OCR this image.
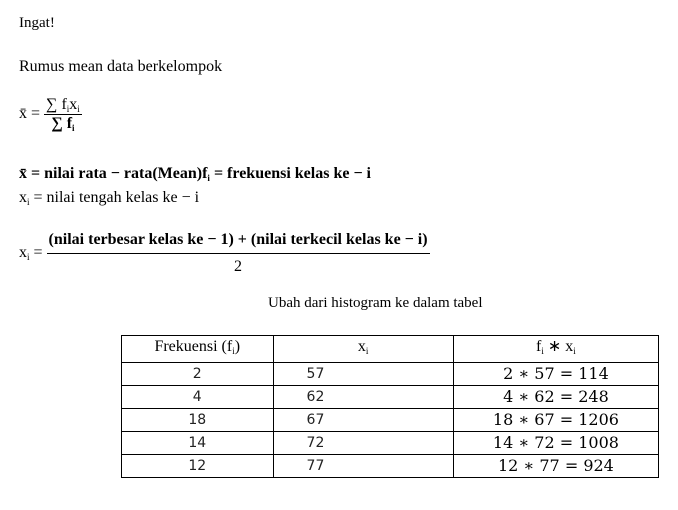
Ingat!
Rumus mean data berkelompok
x̄ = $\frac{\sum f_ix_i}{\sum f_i}$
x̄ = nilai rata − $rata(Mean)f_i$ = frekuensi kelas ke − i
$x_i$ = nilai tengah kelas ke − i
$x_i$ =
(nilai terbesar kelas ke − 1) + (nilai terkecil kelas ke − i)
2
Ubah dari histogram ke dalam tabel
Frekuensi $(f_i)$	$x_i$	$f_i$ ∗ $x_i$
2	57	2 ∗ 57 = 114
4	62	4 ∗ 62 = 248
18	67	18 ∗ 67 = 1206
14	72	14 ∗ 72 = 1008
12	77	12 ∗ 77 = 924
